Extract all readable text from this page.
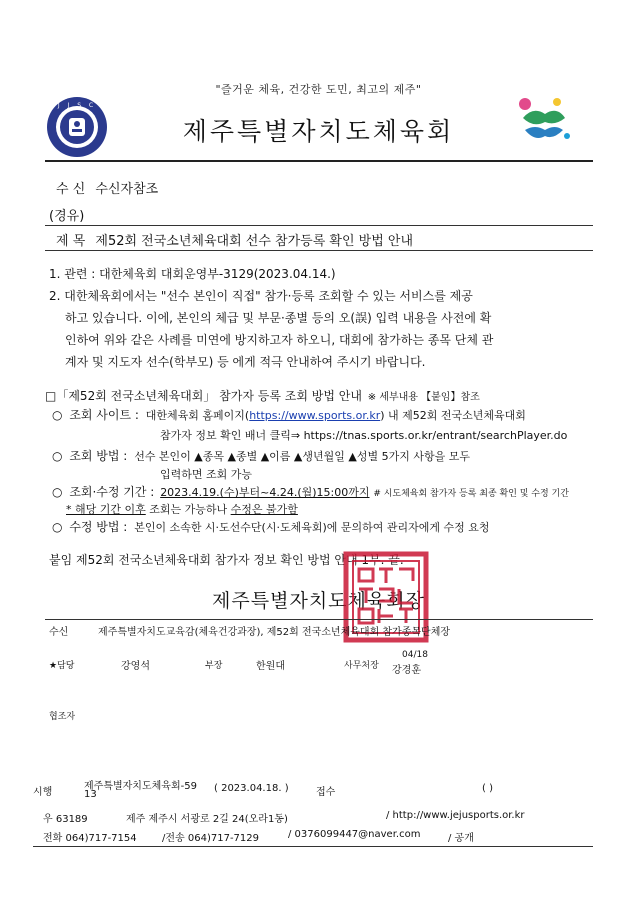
"즐거운 체육, 건강한 도민, 최고의 제주"
J J S C
제주특별자치도체육회
수 신 수신자참조
(경유)
제 목 제52회 전국소년체육대회 선수 참가등록 확인 방법 안내
1. 관련 : 대한체육회 대회운영부-3129(2023.04.14.)
2. 대한체육회에서는 "선수 본인이 직접" 참가·등록 조회할 수 있는 서비스를 제공
하고 있습니다. 이에, 본인의 체급 및 부문·종별 등의 오(誤) 입력 내용을 사전에 확
인하여 위와 같은 사례를 미연에 방지하고자 하오니, 대회에 참가하는 종목 단체 관
계자 및 지도자 선수(학부모) 등 에게 적극 안내하여 주시기 바랍니다.
□「제52회 전국소년체육대회」 참가자 등록 조회 방법 안내 ※ 세부내용 【붙임】참조
○ 조회 사이트 : 대한체육회 홈페이지(https://www.sports.or.kr) 내 제52회 전국소년체육대회
참가자 정보 확인 배너 클릭⇒ https://tnas.sports.or.kr/entrant/searchPlayer.do
○ 조회 방법 : 선수 본인이 ▲종목 ▲종별 ▲이름 ▲생년월일 ▲성별 5가지 사항을 모두
입력하면 조회 가능
○ 조회·수정 기간 : 2023.4.19.(수)부터~4.24.(월)15:00까지 # 시도체육회 참가자 등록 최종 확인 및 수정 기간
* 해당 기간 이후 조회는 가능하나 수정은 불가함
○ 수정 방법 : 본인이 소속한 시·도선수단(시·도체육회)에 문의하여 관리자에게 수정 요청
붙임 제52회 전국소년체육대회 참가자 정보 확인 방법 안내 1부. 끝.
제주특별자치도체육회장
수신	제주특별자치도교육감(체육건강과장), 제52회 전국소년체육대회 참가종목단체장
★담당	강영석	부장	한원대	사무처장
04/18
강경훈
협조자
시행
제주특별자치도체육회-59
13
( 2023.04.18. )	접수	( )
우 63189	제주 제주시 서광로 2길 24(오라1동)	/ http://www.jejusports.or.kr
전화 064)717-7154	/전송 064)717-7129	/ 0376099447@naver.com	/ 공개
